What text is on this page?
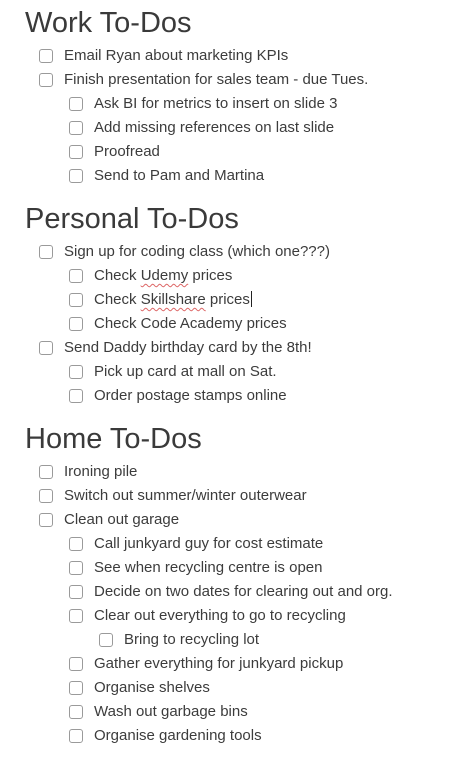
Work To-Dos
Email Ryan about marketing KPIs
Finish presentation for sales team - due Tues.
Ask BI for metrics to insert on slide 3
Add missing references on last slide
Proofread
Send to Pam and Martina
Personal To-Dos
Sign up for coding class (which one???)
Check Udemy prices
Check Skillshare prices
Check Code Academy prices
Send Daddy birthday card by the 8th!
Pick up card at mall on Sat.
Order postage stamps online
Home To-Dos
Ironing pile
Switch out summer/winter outerwear
Clean out garage
Call junkyard guy for cost estimate
See when recycling centre is open
Decide on two dates for clearing out and org.
Clear out everything to go to recycling
Bring to recycling lot
Gather everything for junkyard pickup
Organise shelves
Wash out garbage bins
Organise gardening tools
